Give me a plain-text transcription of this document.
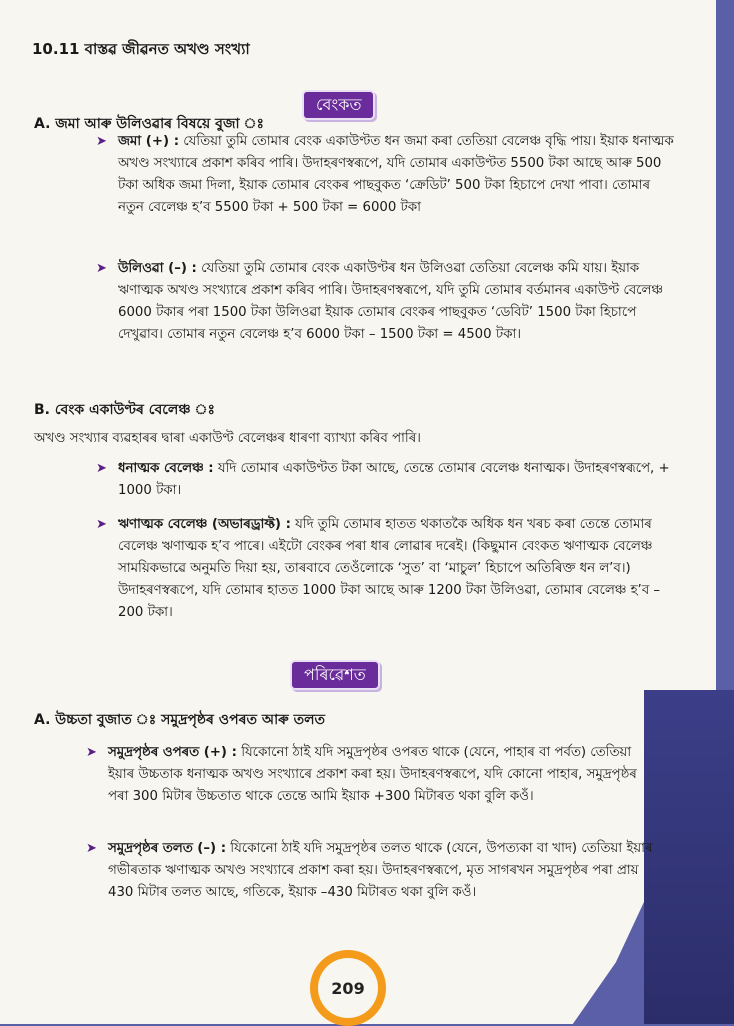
10.11 বাস্তৱ জীৱনত অখণ্ড সংখ্যা
বেংকত
A. জমা আৰু উলিওৱাৰ বিষয়ে বুজা ঃ
➤ জমা (+) : যেতিয়া তুমি তোমাৰ বেংক একাউণ্টত ধন জমা কৰা তেতিয়া বেলেঞ্চ বৃদ্ধি পায়। ইয়াক ধনাত্মক অখণ্ড সংখ্যাৰে প্ৰকাশ কৰিব পাৰি। উদাহৰণস্বৰূপে, যদি তোমাৰ একাউণ্টত 5500 টকা আছে আৰু 500 টকা অধিক জমা দিলা, ইয়াক তোমাৰ বেংকৰ পাছবুকত ‘ক্ৰেডিট’ 500 টকা হিচাপে দেখা পাবা। তোমাৰ নতুন বেলেঞ্চ হ’ব 5500 টকা + 500 টকা = 6000 টকা
➤ উলিওৱা (–) : যেতিয়া তুমি তোমাৰ বেংক একাউণ্টৰ ধন উলিওৱা তেতিয়া বেলেঞ্চ কমি যায়। ইয়াক ঋণাত্মক অখণ্ড সংখ্যাৰে প্ৰকাশ কৰিব পাৰি। উদাহৰণস্বৰূপে, যদি তুমি তোমাৰ বৰ্তমানৰ একাউণ্ট বেলেঞ্চ 6000 টকাৰ পৰা 1500 টকা উলিওৱা ইয়াক তোমাৰ বেংকৰ পাছবুকত ‘ডেবিট’ 1500 টকা হিচাপে দেখুৱাব। তোমাৰ নতুন বেলেঞ্চ হ’ব 6000 টকা – 1500 টকা = 4500 টকা।
B. বেংক একাউণ্টৰ বেলেঞ্চ ঃ
অখণ্ড সংখ্যাৰ ব্যৱহাৰৰ দ্বাৰা একাউণ্ট বেলেঞ্চৰ ধাৰণা ব্যাখ্যা কৰিব পাৰি।
➤ ধনাত্মক বেলেঞ্চ : যদি তোমাৰ একাউণ্টত টকা আছে, তেন্তে তোমাৰ বেলেঞ্চ ধনাত্মক। উদাহৰণস্বৰূপে, + 1000 টকা।
➤ ঋণাত্মক বেলেঞ্চ (অভাৰড্ৰাফ্ট) : যদি তুমি তোমাৰ হাতত থকাতকৈ অধিক ধন খৰচ কৰা তেন্তে তোমাৰ বেলেঞ্চ ঋণাত্মক হ’ব পাৰে। এইটো বেংকৰ পৰা ধাৰ লোৱাৰ দৰেই। (কিছুমান বেংকত ঋণাত্মক বেলেঞ্চ সাময়িকভাৱে অনুমতি দিয়া হয়, তাৰবাবে তেওঁলোকে ‘সুত’ বা ‘মাচুল’ হিচাপে অতিৰিক্ত ধন ল’ব।) উদাহৰণস্বৰূপে, যদি তোমাৰ হাতত 1000 টকা আছে আৰু 1200 টকা উলিওৱা, তোমাৰ বেলেঞ্চ হ’ব –200 টকা।
পৰিৱেশত
A. উচ্চতা বুজাত ঃ সমুদ্ৰপৃষ্ঠৰ ওপৰত আৰু তলত
➤ সমুদ্ৰপৃষ্ঠৰ ওপৰত (+) : যিকোনো ঠাই যদি সমুদ্ৰপৃষ্ঠৰ ওপৰত থাকে (যেনে, পাহাৰ বা পৰ্বত) তেতিয়া ইয়াৰ উচ্চতাক ধনাত্মক অখণ্ড সংখ্যাৰে প্ৰকাশ কৰা হয়। উদাহৰণস্বৰূপে, যদি কোনো পাহাৰ, সমুদ্ৰপৃষ্ঠৰ পৰা 300 মিটাৰ উচ্চতাত থাকে তেন্তে আমি ইয়াক +300 মিটাৰত থকা বুলি কওঁ।
➤ সমুদ্ৰপৃষ্ঠৰ তলত (–) : যিকোনো ঠাই যদি সমুদ্ৰপৃষ্ঠৰ তলত থাকে (যেনে, উপত্যকা বা খাদ) তেতিয়া ইয়াৰ গভীৰতাক ঋণাত্মক অখণ্ড সংখ্যাৰে প্ৰকাশ কৰা হয়। উদাহৰণস্বৰূপে, মৃত সাগৰখন সমুদ্ৰপৃষ্ঠৰ পৰা প্ৰায় 430 মিটাৰ তলত আছে, গতিকে, ইয়াক –430 মিটাৰত থকা বুলি কওঁ।
209
